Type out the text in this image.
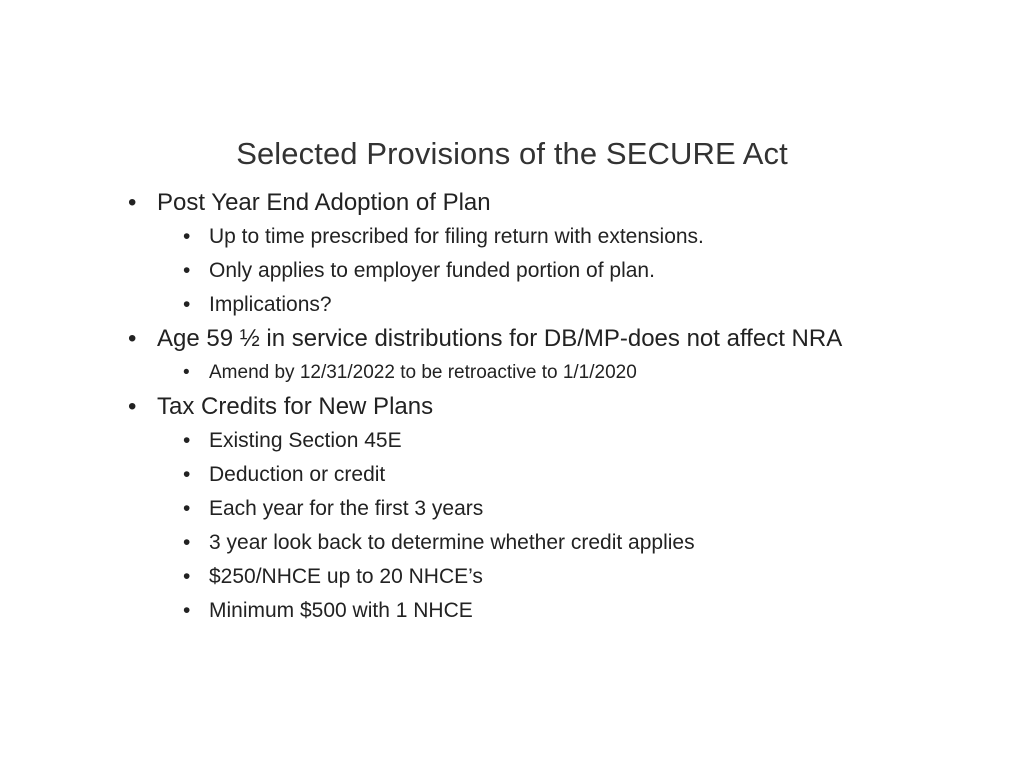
Selected Provisions of the SECURE Act
• Post Year End Adoption of Plan
• Up to time prescribed for filing return with extensions.
• Only applies to employer funded portion of plan.
• Implications?
• Age 59 ½ in service distributions for DB/MP-does not affect NRA
• Amend by 12/31/2022 to be retroactive to 1/1/2020
• Tax Credits for New Plans
• Existing Section 45E
• Deduction or credit
• Each year for the first 3 years
• 3 year look back to determine whether credit applies
• $250/NHCE up to 20 NHCE’s
• Minimum $500 with 1 NHCE
